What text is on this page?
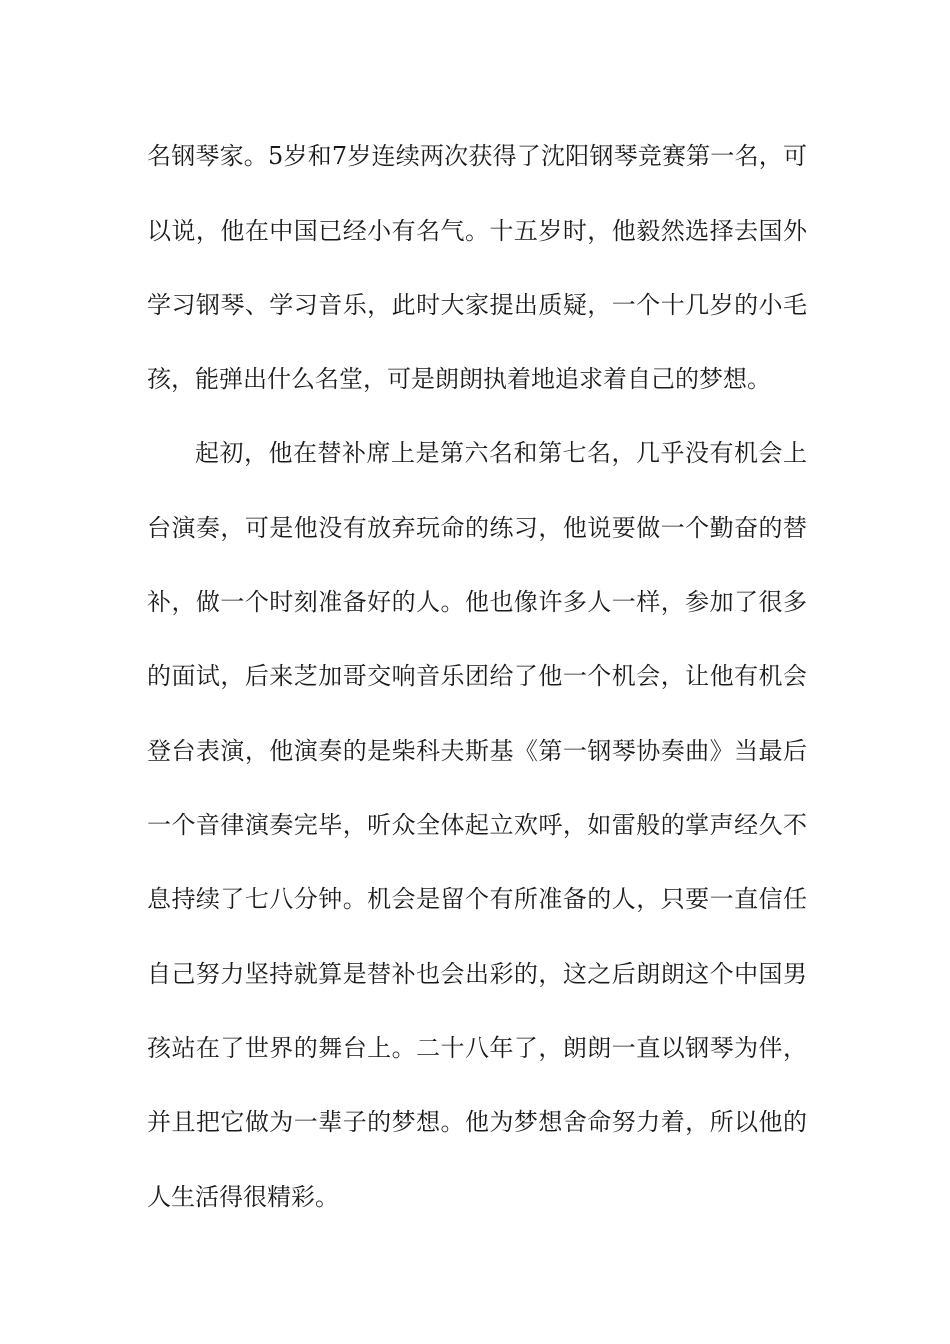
名钢琴家。5岁和7岁连续两次获得了沈阳钢琴竞赛第一名，可
以说，他在中国已经小有名气。十五岁时，他毅然选择去国外
学习钢琴、学习音乐，此时大家提出质疑，一个十几岁的小毛
孩，能弹出什么名堂，可是朗朗执着地追求着自己的梦想。
起初，他在替补席上是第六名和第七名，几乎没有机会上
台演奏，可是他没有放弃玩命的练习，他说要做一个勤奋的替
补，做一个时刻准备好的人。他也像许多人一样，参加了很多
的面试，后来芝加哥交响音乐团给了他一个机会，让他有机会
登台表演，他演奏的是柴科夫斯基《第一钢琴协奏曲》当最后
一个音律演奏完毕，听众全体起立欢呼，如雷般的掌声经久不
息持续了七八分钟。机会是留个有所准备的人，只要一直信任
自己努力坚持就算是替补也会出彩的，这之后朗朗这个中国男
孩站在了世界的舞台上。二十八年了，朗朗一直以钢琴为伴，
并且把它做为一辈子的梦想。他为梦想舍命努力着，所以他的
人生活得很精彩。
